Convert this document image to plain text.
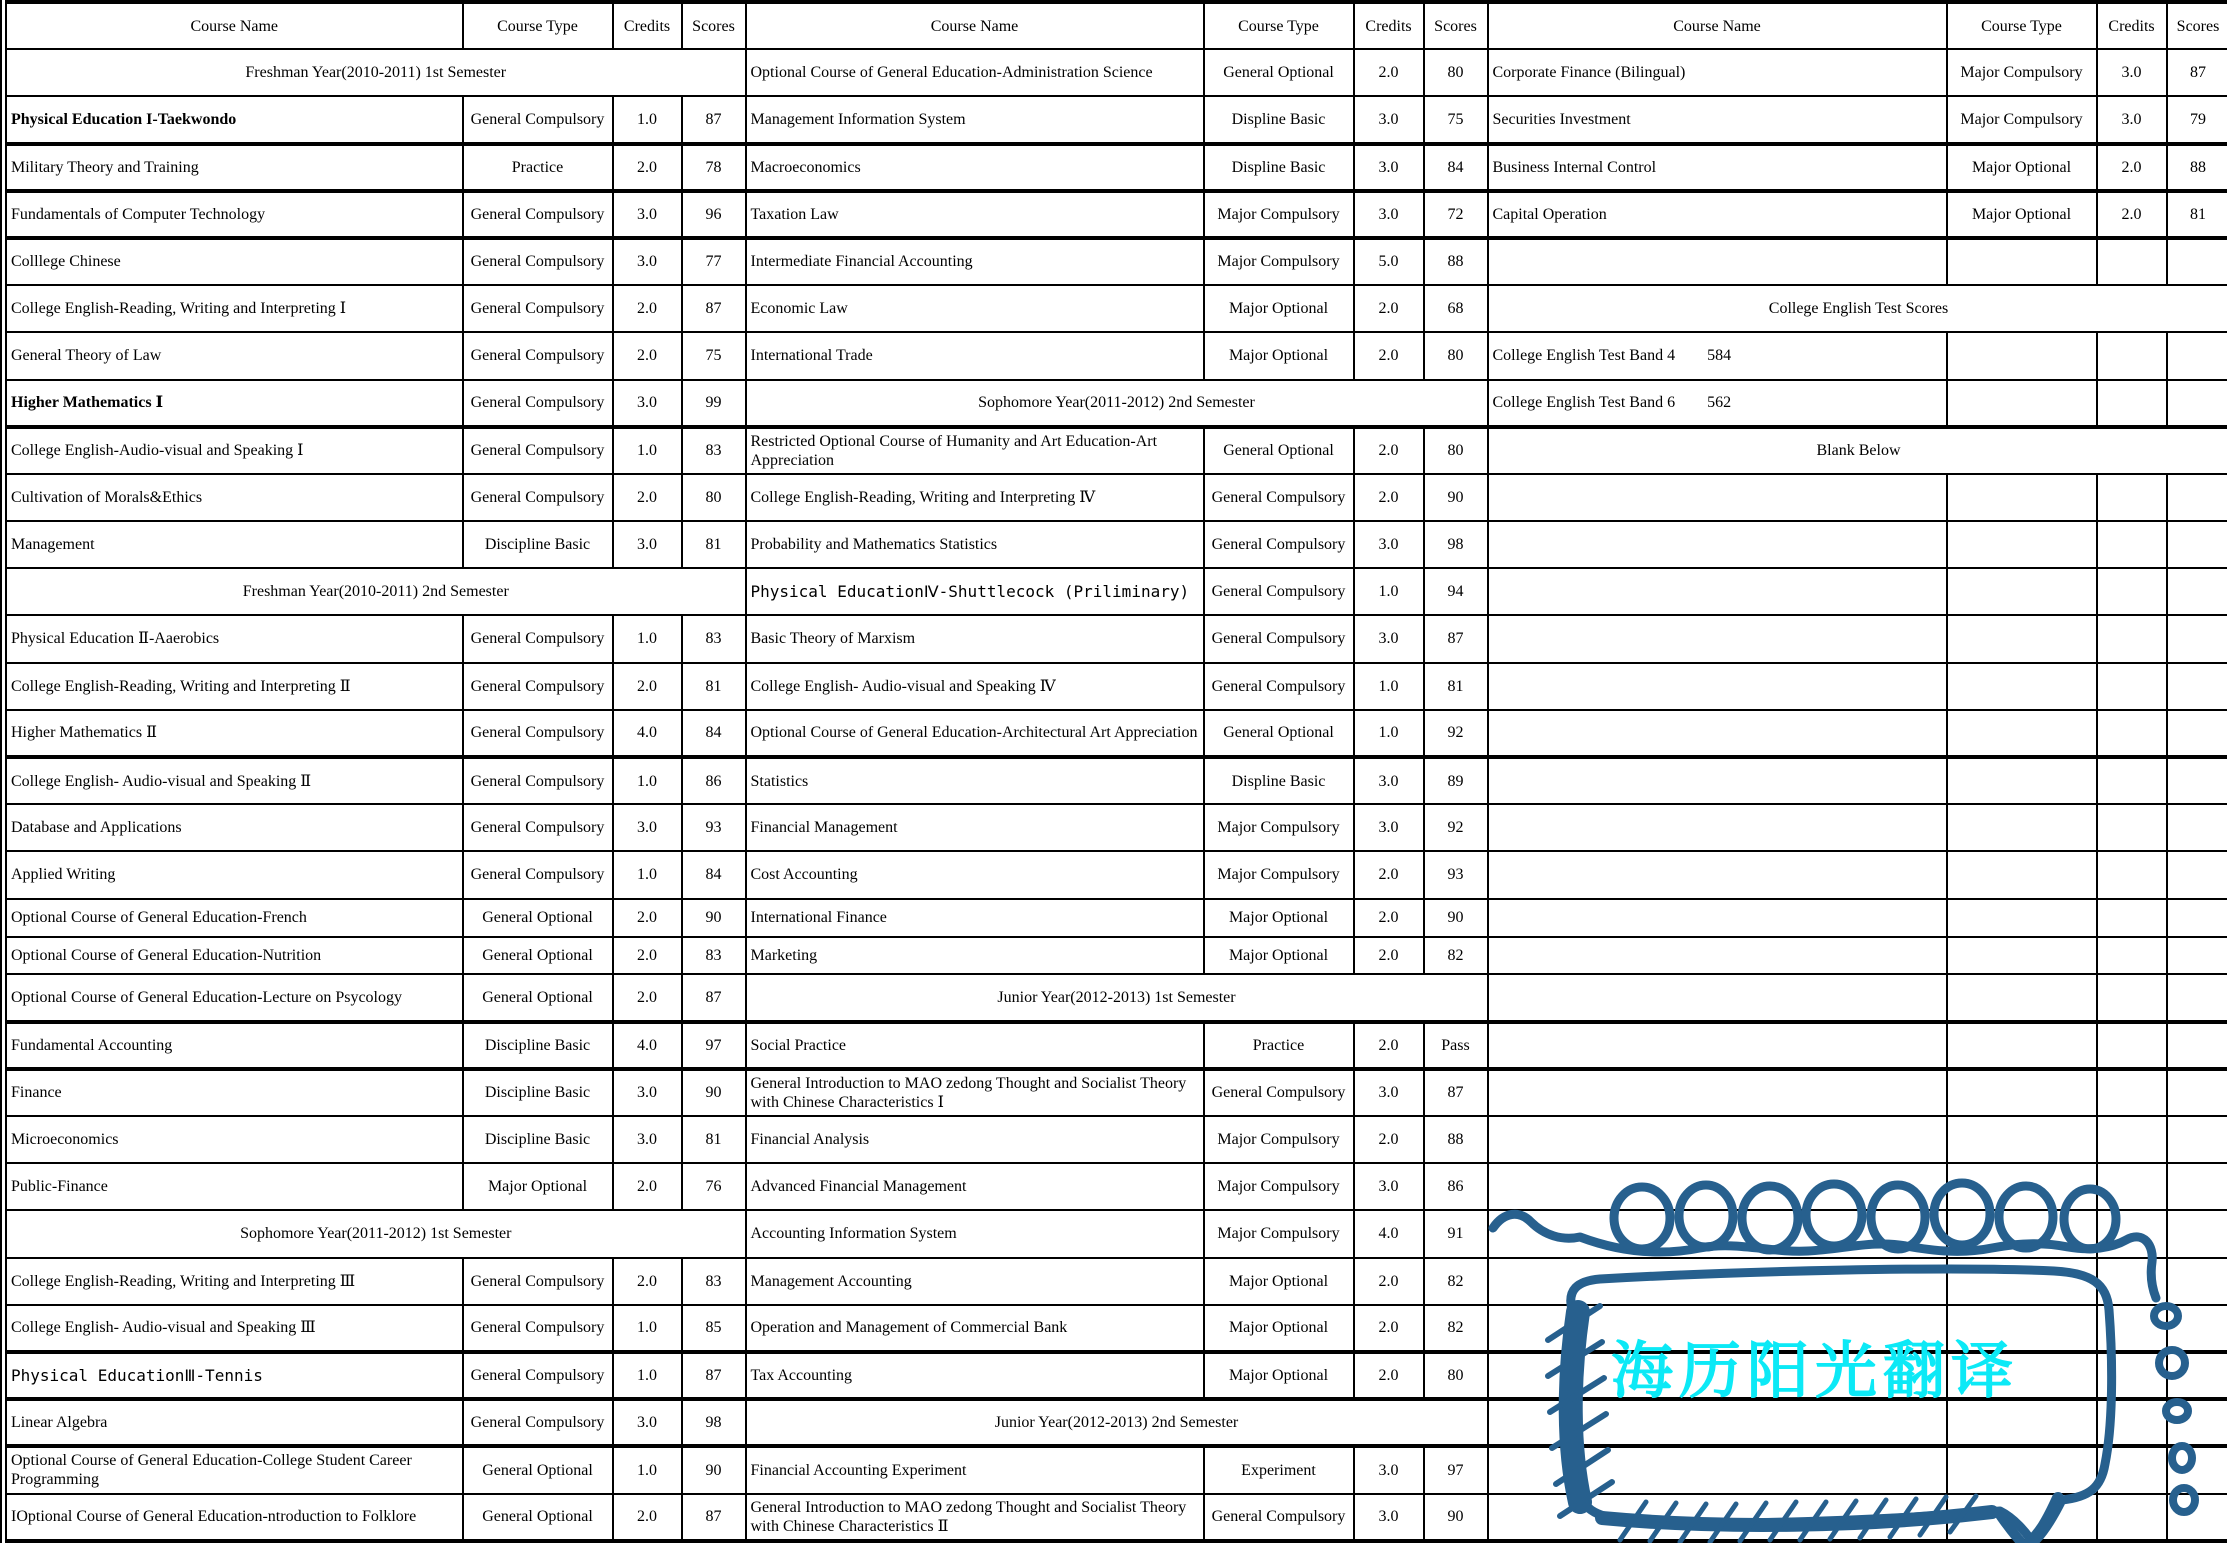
Course Name	Course Type	Credits	Scores	Course Name	Course Type	Credits	Scores	Course Name	Course Type	Credits	Scores
Freshman Year(2010-2011) 1st Semester				Optional Course of General Education-Administration Science	General Optional	2.0	80	Corporate Finance (Bilingual)	Major Compulsory	3.0	87
Physical Education I-Taekwondo	General Compulsory	1.0	87	Management Information System	Displine Basic	3.0	75	Securities Investment	Major Compulsory	3.0	79
Military Theory and Training	Practice	2.0	78	Macroeconomics	Displine Basic	3.0	84	Business Internal Control	Major Optional	2.0	88
Fundamentals of Computer Technology	General Compulsory	3.0	96	Taxation Law	Major Compulsory	3.0	72	Capital Operation	Major Optional	2.0	81
Colllege Chinese	General Compulsory	3.0	77	Intermediate Financial Accounting	Major Compulsory	5.0	88				
College English-Reading, Writing and Interpreting Ⅰ	General Compulsory	2.0	87	Economic Law	Major Optional	2.0	68	College English Test Scores			
General Theory of Law	General Compulsory	2.0	75	International Trade	Major Optional	2.0	80	College English Test Band 4 584			
Higher Mathematics Ⅰ	General Compulsory	3.0	99	Sophomore Year(2011-2012) 2nd Semester				College English Test Band 6 562			
College English-Audio-visual and Speaking Ⅰ	General Compulsory	1.0	83	Restricted Optional Course of Humanity and Art Education-Art Appreciation	General Optional	2.0	80	Blank Below			
Cultivation of Morals&Ethics	General Compulsory	2.0	80	College English-Reading, Writing and Interpreting Ⅳ	General Compulsory	2.0	90				
Management	Discipline Basic	3.0	81	Probability and Mathematics Statistics	General Compulsory	3.0	98				
Freshman Year(2010-2011) 2nd Semester				Physical EducationⅣ-Shuttlecock (Priliminary)	General Compulsory	1.0	94				
Physical Education Ⅱ-Aaerobics	General Compulsory	1.0	83	Basic Theory of Marxism	General Compulsory	3.0	87				
College English-Reading, Writing and Interpreting Ⅱ	General Compulsory	2.0	81	College English- Audio-visual and Speaking Ⅳ	General Compulsory	1.0	81				
Higher Mathematics Ⅱ	General Compulsory	4.0	84	Optional Course of General Education-Architectural Art Appreciation	General Optional	1.0	92				
College English- Audio-visual and Speaking Ⅱ	General Compulsory	1.0	86	Statistics	Displine Basic	3.0	89				
Database and Applications	General Compulsory	3.0	93	Financial Management	Major Compulsory	3.0	92				
Applied Writing	General Compulsory	1.0	84	Cost Accounting	Major Compulsory	2.0	93				
Optional Course of General Education-French	General Optional	2.0	90	International Finance	Major Optional	2.0	90				
Optional Course of General Education-Nutrition	General Optional	2.0	83	Marketing	Major Optional	2.0	82				
Optional Course of General Education-Lecture on Psycology	General Optional	2.0	87	Junior Year(2012-2013) 1st Semester							
Fundamental Accounting	Discipline Basic	4.0	97	Social Practice	Practice	2.0	Pass				
Finance	Discipline Basic	3.0	90	General Introduction to MAO zedong Thought and Socialist Theory with Chinese Characteristics Ⅰ	General Compulsory	3.0	87				
Microeconomics	Discipline Basic	3.0	81	Financial Analysis	Major Compulsory	2.0	88				
Public-Finance	Major Optional	2.0	76	Advanced Financial Management	Major Compulsory	3.0	86				
Sophomore Year(2011-2012) 1st Semester				Accounting Information System	Major Compulsory	4.0	91				
College English-Reading, Writing and Interpreting Ⅲ	General Compulsory	2.0	83	Management Accounting	Major Optional	2.0	82				
College English- Audio-visual and Speaking Ⅲ	General Compulsory	1.0	85	Operation and Management of Commercial Bank	Major Optional	2.0	82				
Physical EducationⅢ-Tennis	General Compulsory	1.0	87	Tax Accounting	Major Optional	2.0	80				
Linear Algebra	General Compulsory	3.0	98	Junior Year(2012-2013) 2nd Semester							
Optional Course of General Education-College Student Career Programming	General Optional	1.0	90	Financial Accounting Experiment	Experiment	3.0	97				
IOptional Course of General Education-ntroduction to Folklore	General Optional	2.0	87	General Introduction to MAO zedong Thought and Socialist Theory with Chinese Characteristics Ⅱ	General Compulsory	3.0	90				
海历阳光翻译
